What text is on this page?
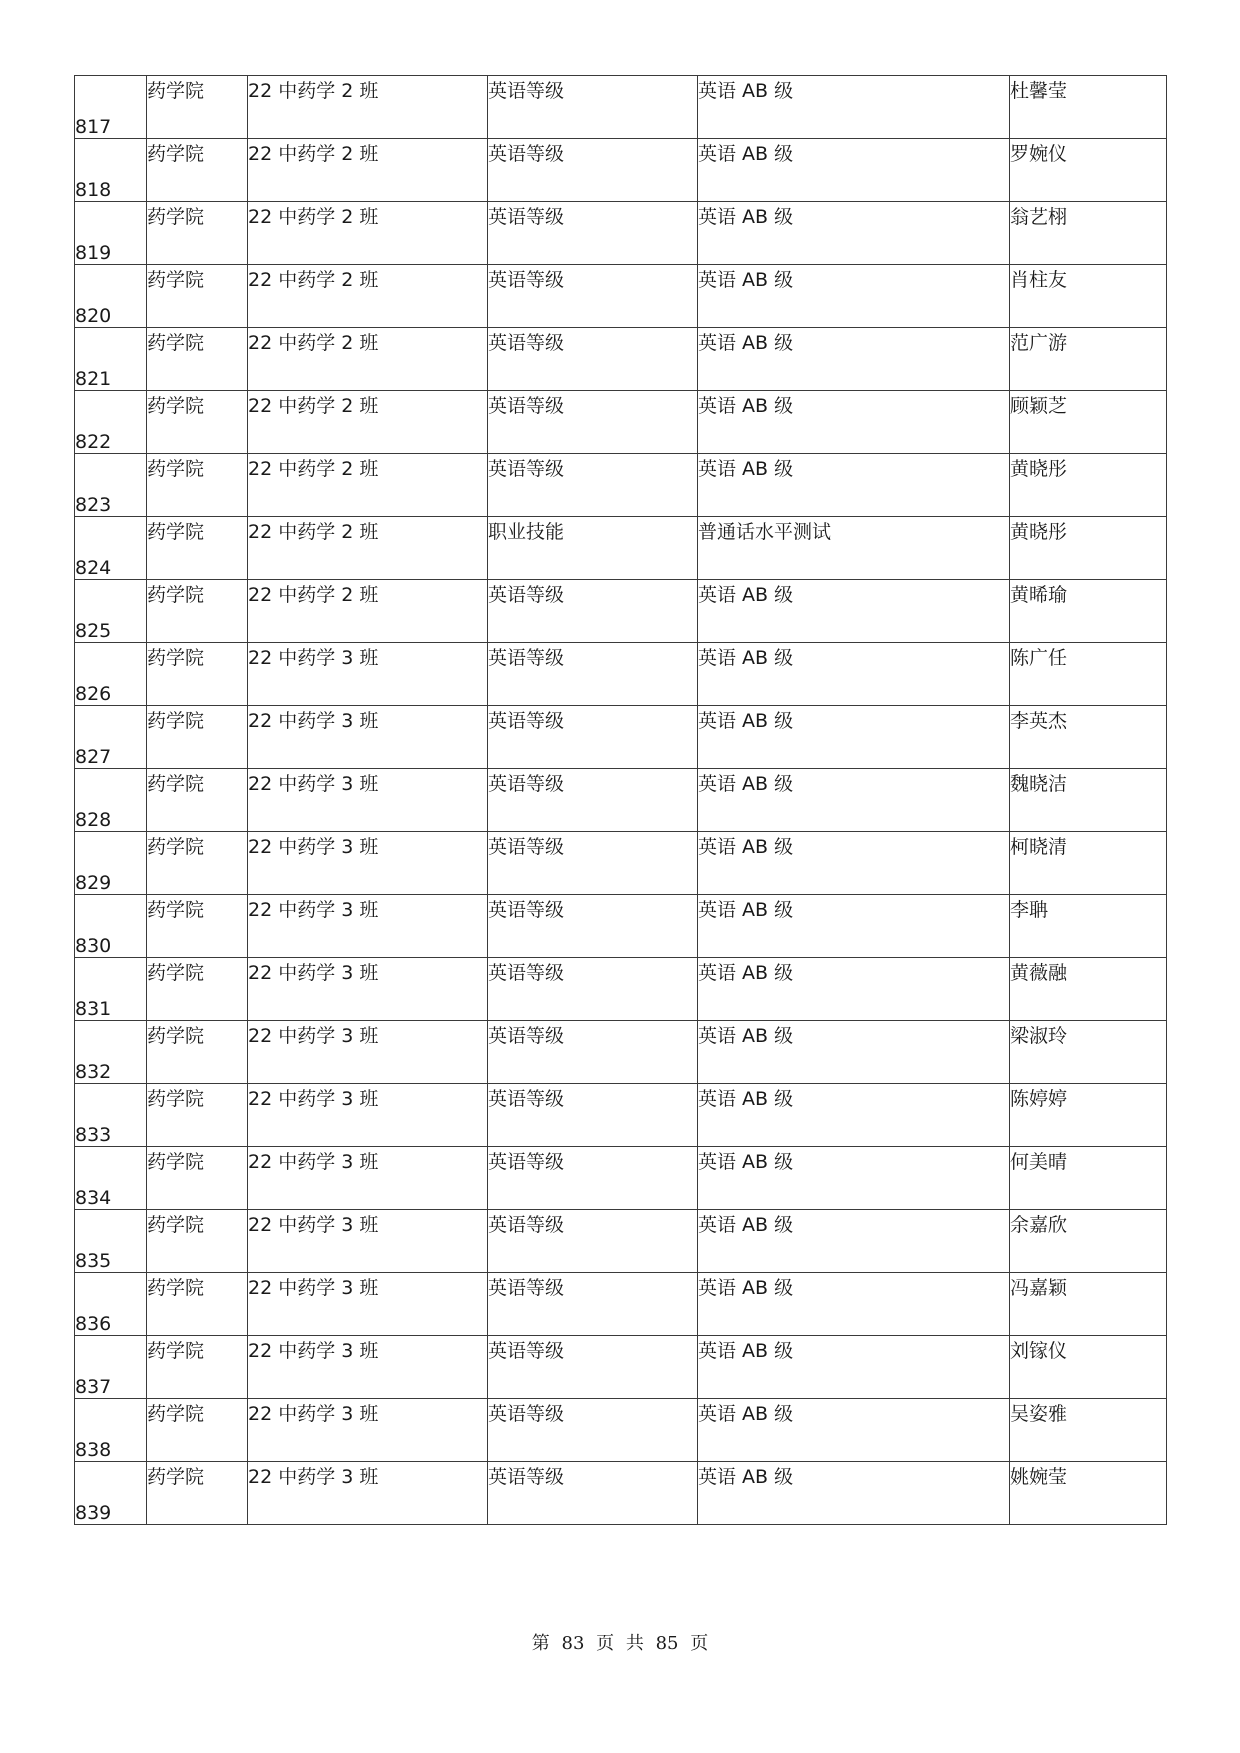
817	药学院	22 中药学 2 班	英语等级	英语 AB 级	杜馨莹
818	药学院	22 中药学 2 班	英语等级	英语 AB 级	罗婉仪
819	药学院	22 中药学 2 班	英语等级	英语 AB 级	翁艺栩
820	药学院	22 中药学 2 班	英语等级	英语 AB 级	肖柱友
821	药学院	22 中药学 2 班	英语等级	英语 AB 级	范广游
822	药学院	22 中药学 2 班	英语等级	英语 AB 级	顾颖芝
823	药学院	22 中药学 2 班	英语等级	英语 AB 级	黄晓彤
824	药学院	22 中药学 2 班	职业技能	普通话水平测试	黄晓彤
825	药学院	22 中药学 2 班	英语等级	英语 AB 级	黄晞瑜
826	药学院	22 中药学 3 班	英语等级	英语 AB 级	陈广任
827	药学院	22 中药学 3 班	英语等级	英语 AB 级	李英杰
828	药学院	22 中药学 3 班	英语等级	英语 AB 级	魏晓洁
829	药学院	22 中药学 3 班	英语等级	英语 AB 级	柯晓清
830	药学院	22 中药学 3 班	英语等级	英语 AB 级	李聃
831	药学院	22 中药学 3 班	英语等级	英语 AB 级	黄薇融
832	药学院	22 中药学 3 班	英语等级	英语 AB 级	梁淑玲
833	药学院	22 中药学 3 班	英语等级	英语 AB 级	陈婷婷
834	药学院	22 中药学 3 班	英语等级	英语 AB 级	何美晴
835	药学院	22 中药学 3 班	英语等级	英语 AB 级	余嘉欣
836	药学院	22 中药学 3 班	英语等级	英语 AB 级	冯嘉颖
837	药学院	22 中药学 3 班	英语等级	英语 AB 级	刘镓仪
838	药学院	22 中药学 3 班	英语等级	英语 AB 级	吴姿雅
839	药学院	22 中药学 3 班	英语等级	英语 AB 级	姚婉莹
第 83 页 共 85 页
